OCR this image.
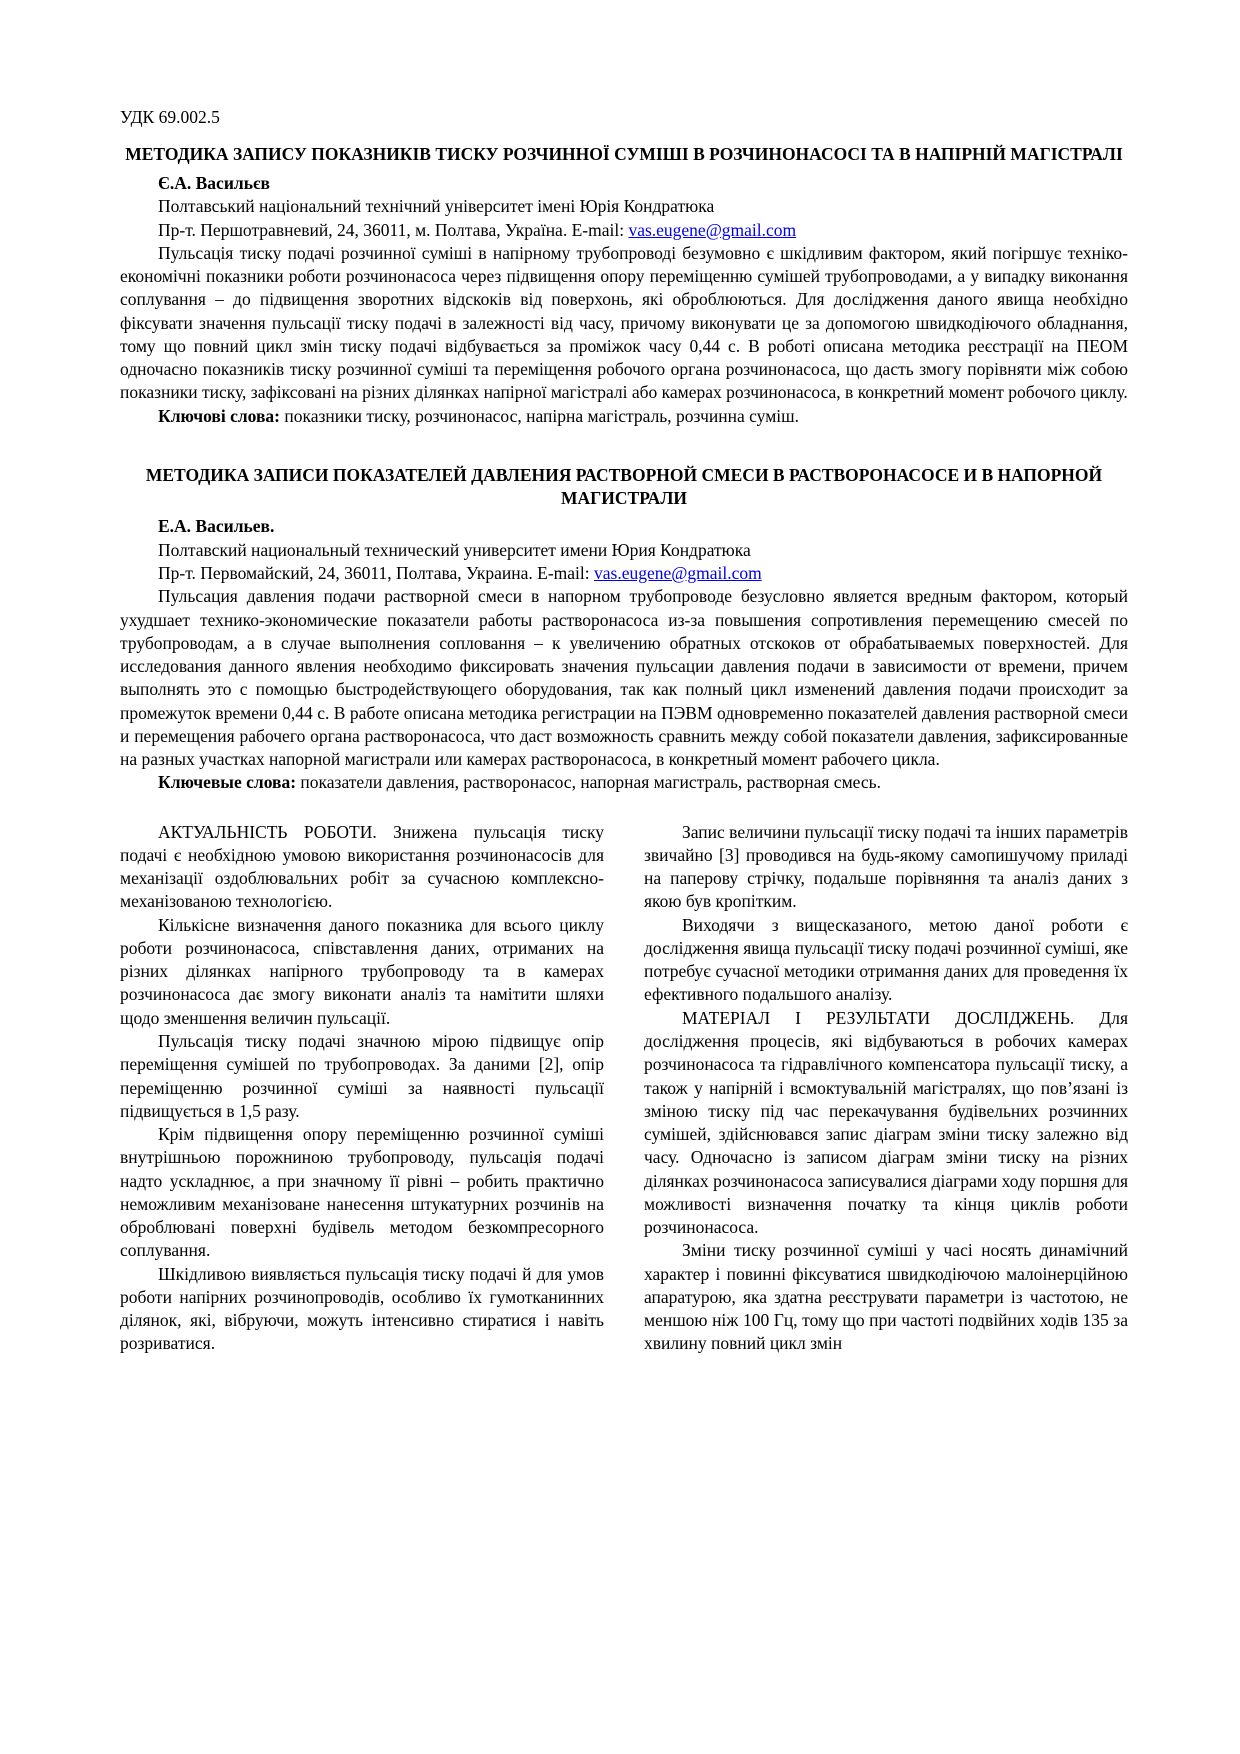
УДК 69.002.5

МЕТОДИКА ЗАПИСУ ПОКАЗНИКІВ ТИСКУ РОЗЧИННОЇ СУМІШІ В РОЗЧИНОНАСОСІ ТА В НАПІРНІЙ МАГІСТРАЛІ

Є.А. Васильєв

Полтавський національний технічний університет імені Юрія Кондратюка

Пр-т. Першотравневий, 24, 36011, м. Полтава, Україна. E-mail: vas.eugene@gmail.com

Пульсація тиску подачі розчинної суміші в напірному трубопроводі безумовно є шкідливим фактором, який погіршує техніко-економічні показники роботи розчинонасоса через підвищення опору переміщенню сумішей трубопроводами, а у випадку виконання соплування – до підвищення зворотних відскоків від поверхонь, які оброблюються. Для дослідження даного явища необхідно фіксувати значення пульсації тиску подачі в залежності від часу, причому виконувати це за допомогою швидкодіючого обладнання, тому що повний цикл змін тиску подачі відбувається за проміжок часу 0,44 с. В роботі описана методика реєстрації на ПЕОМ одночасно показників тиску розчинної суміші та переміщення робочого органа розчинонасоса, що дасть змогу порівняти між собою показники тиску, зафіксовані на різних ділянках напірної магістралі або камерах розчинонасоса, в конкретний момент робочого циклу.

Ключові слова: показники тиску, розчинонасос, напірна магістраль, розчинна суміш.

МЕТОДИКА ЗАПИСИ ПОКАЗАТЕЛЕЙ ДАВЛЕНИЯ РАСТВОРНОЙ СМЕСИ В РАСТВОРОНАСОСЕ И В НАПОРНОЙ МАГИСТРАЛИ

Е.А. Васильев.

Полтавский национальный технический университет имени Юрия Кондратюка

Пр-т. Первомайский, 24, 36011, Полтава, Украина. E-mail: vas.eugene@gmail.com

Пульсация давления подачи растворной смеси в напорном трубопроводе безусловно является вредным фактором, который ухудшает технико-экономические показатели работы растворонасоса из-за повышения сопротивления перемещению смесей по трубопроводам, а в случае выполнения сопловання – к увеличению обратных отскоков от обрабатываемых поверхностей. Для исследования данного явления необходимо фиксировать значения пульсации давления подачи в зависимости от времени, причем выполнять это с помощью быстродействующего оборудования, так как полный цикл изменений давления подачи происходит за промежуток времени 0,44 с. В работе описана методика регистрации на ПЭВМ одновременно показателей давления растворной смеси и перемещения рабочего органа растворонасоса, что даст возможность сравнить между собой показатели давления, зафиксированные на разных участках напорной магистрали или камерах растворонасоса, в конкретный момент рабочего цикла.

Ключевые слова: показатели давления, растворонасос, напорная магистраль, растворная смесь.

АКТУАЛЬНІСТЬ РОБОТИ. Знижена пульсація тиску подачі є необхідною умовою використання розчинонасосів для механізації оздоблювальних робіт за сучасною комплексно-механізованою технологією.

Кількісне визначення даного показника для всього циклу роботи розчинонасоса, співставлення даних, отриманих на різних ділянках напірного трубопроводу та в камерах розчинонасоса дає змогу виконати аналіз та намітити шляхи щодо зменшення величин пульсації.

Пульсація тиску подачі значною мірою підвищує опір переміщення сумішей по трубопроводах. За даними [2], опір переміщенню розчинної суміші за наявності пульсації підвищується в 1,5 разу.

Крім підвищення опору переміщенню розчинної суміші внутрішньою порожниною трубопроводу, пульсація подачі надто ускладнює, а при значному її рівні – робить практично неможливим механізоване нанесення штукатурних розчинів на оброблювані поверхні будівель методом безкомпресорного соплування.

Шкідливою виявляється пульсація тиску подачі й для умов роботи напірних розчинопроводів, особливо їх гумотканинних ділянок, які, вібруючи, можуть інтенсивно стиратися і навіть розриватися.

Запис величини пульсації тиску подачі та інших параметрів звичайно [3] проводився на будь-якому самопишучому приладі на паперову стрічку, подальше порівняння та аналіз даних з якою був кропітким.

Виходячи з вищесказаного, метою даної роботи є дослідження явища пульсації тиску подачі розчинної суміші, яке потребує сучасної методики отримання даних для проведення їх ефективного подальшого аналізу.

МАТЕРІАЛ І РЕЗУЛЬТАТИ ДОСЛІДЖЕНЬ. Для дослідження процесів, які відбуваються в робочих камерах розчинонасоса та гідравлічного компенсатора пульсації тиску, а також у напірній і всмоктувальній магістралях, що пов’язані із зміною тиску під час перекачування будівельних розчинних сумішей, здійснювався запис діаграм зміни тиску залежно від часу. Одночасно із записом діаграм зміни тиску на різних ділянках розчинонасоса записувалися діаграми ходу поршня для можливості визначення початку та кінця циклів роботи розчинонасоса.

Зміни тиску розчинної суміші у часі носять динамічний характер і повинні фіксуватися швидкодіючою малоінерційною апаратурою, яка здатна реєструвати параметри із частотою, не меншою ніж 100 Гц, тому що при частоті подвійних ходів 135 за хвилину повний цикл змін
